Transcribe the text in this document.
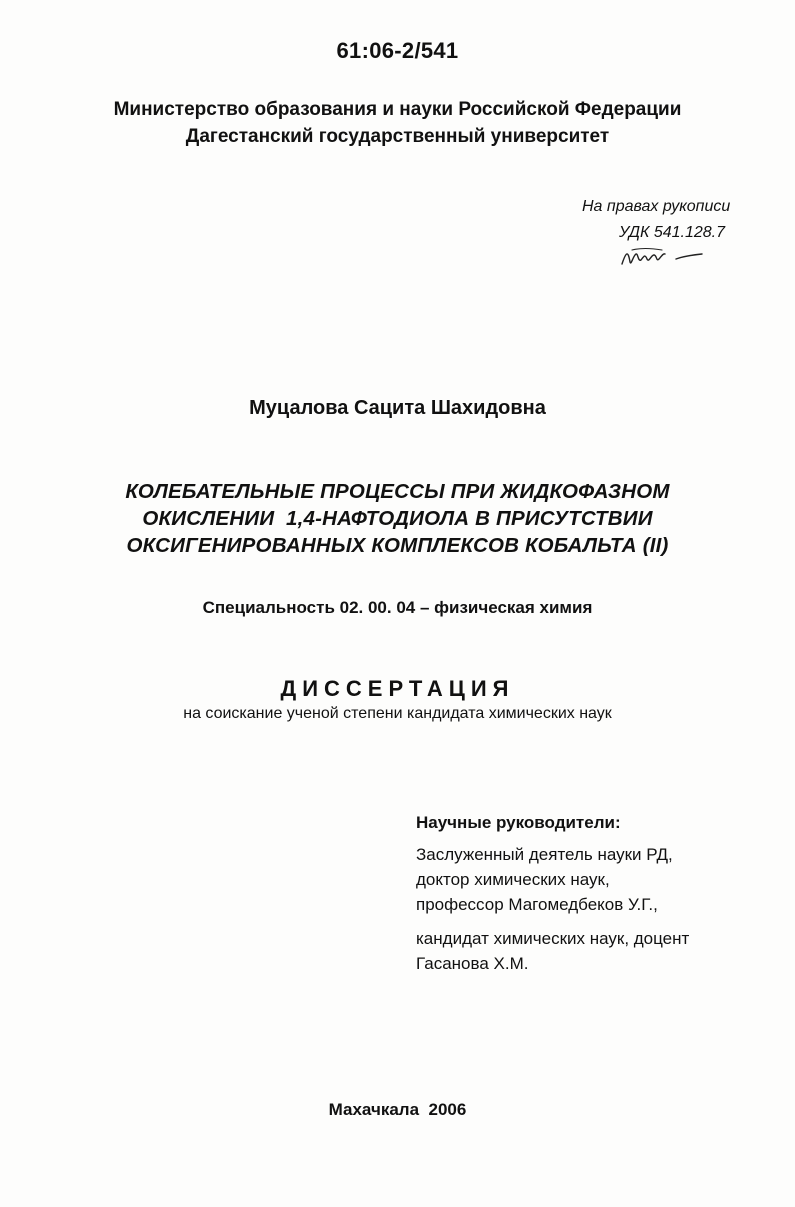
61:06-2/541
Министерство образования и науки Российской Федерации
Дагестанский государственный университет
На правах рукописи
УДК 541.128.7
Муцалова Сацита Шахидовна
КОЛЕБАТЕЛЬНЫЕ ПРОЦЕССЫ ПРИ ЖИДКОФАЗНОМ
ОКИСЛЕНИИ  1,4-НАФТОДИОЛА В ПРИСУТСТВИИ
ОКСИГЕНИРОВАННЫХ КОМПЛЕКСОВ КОБАЛЬТА (II)
Специальность 02. 00. 04 – физическая химия
ДИССЕРТАЦИЯ
на соискание ученой степени кандидата химических наук
Научные руководители:
Заслуженный деятель науки РД,
доктор химических наук,
профессор Магомедбеков У.Г.,
кандидат химических наук, доцент
Гасанова Х.М.
Махачкала  2006
